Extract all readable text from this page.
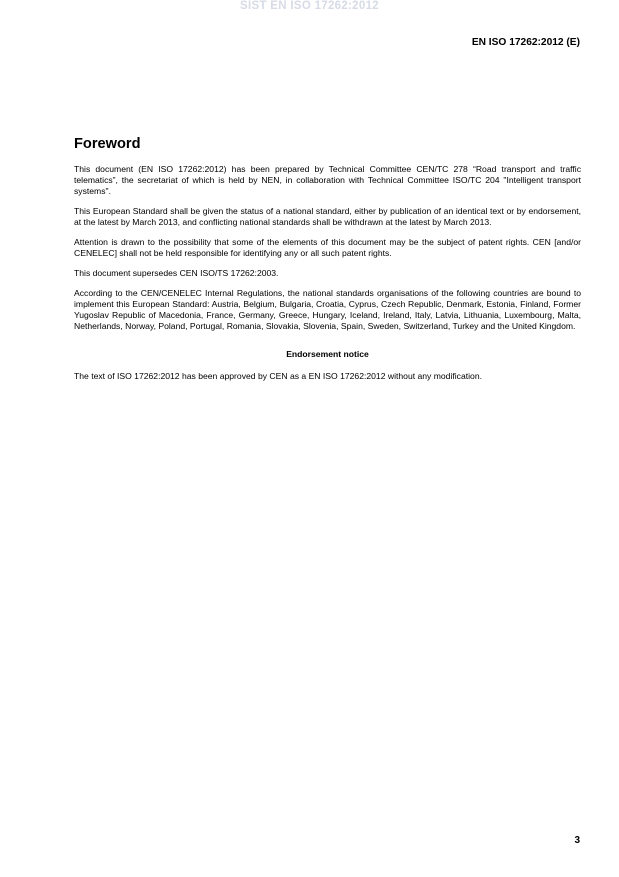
SIST EN ISO 17262:2012
EN ISO 17262:2012 (E)
Foreword

This document (EN ISO 17262:2012) has been prepared by Technical Committee CEN/TC 278 “Road transport and traffic telematics”, the secretariat of which is held by NEN, in collaboration with Technical Committee ISO/TC 204 "Intelligent transport systems".

This European Standard shall be given the status of a national standard, either by publication of an identical text or by endorsement, at the latest by March 2013, and conflicting national standards shall be withdrawn at the latest by March 2013.

Attention is drawn to the possibility that some of the elements of this document may be the subject of patent rights. CEN [and/or CENELEC] shall not be held responsible for identifying any or all such patent rights.

This document supersedes CEN ISO/TS 17262:2003.

According to the CEN/CENELEC Internal Regulations, the national standards organisations of the following countries are bound to implement this European Standard: Austria, Belgium, Bulgaria, Croatia, Cyprus, Czech Republic, Denmark, Estonia, Finland, Former Yugoslav Republic of Macedonia, France, Germany, Greece, Hungary, Iceland, Ireland, Italy, Latvia, Lithuania, Luxembourg, Malta, Netherlands, Norway, Poland, Portugal, Romania, Slovakia, Slovenia, Spain, Sweden, Switzerland, Turkey and the United Kingdom.

Endorsement notice

The text of ISO 17262:2012 has been approved by CEN as a EN ISO 17262:2012 without any modification.

3
